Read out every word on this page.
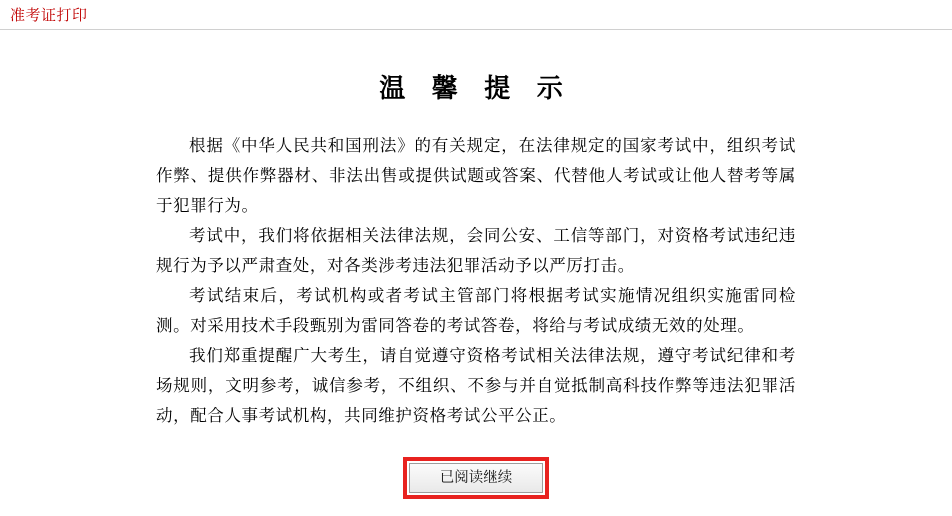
准考证打印
温 馨 提 示

根据《中华人民共和国刑法》的有关规定，在法律规定的国家考试中，组织考试作弊、提供作弊器材、非法出售或提供试题或答案、代替他人考试或让他人替考等属于犯罪行为。

考试中，我们将依据相关法律法规，会同公安、工信等部门，对资格考试违纪违规行为予以严肃查处，对各类涉考违法犯罪活动予以严厉打击。

考试结束后，考试机构或者考试主管部门将根据考试实施情况组织实施雷同检测。对采用技术手段甄别为雷同答卷的考试答卷，将给与考试成绩无效的处理。

我们郑重提醒广大考生，请自觉遵守资格考试相关法律法规，遵守考试纪律和考场规则，文明参考，诚信参考，不组织、不参与并自觉抵制高科技作弊等违法犯罪活动，配合人事考试机构，共同维护资格考试公平公正。

已阅读继续
